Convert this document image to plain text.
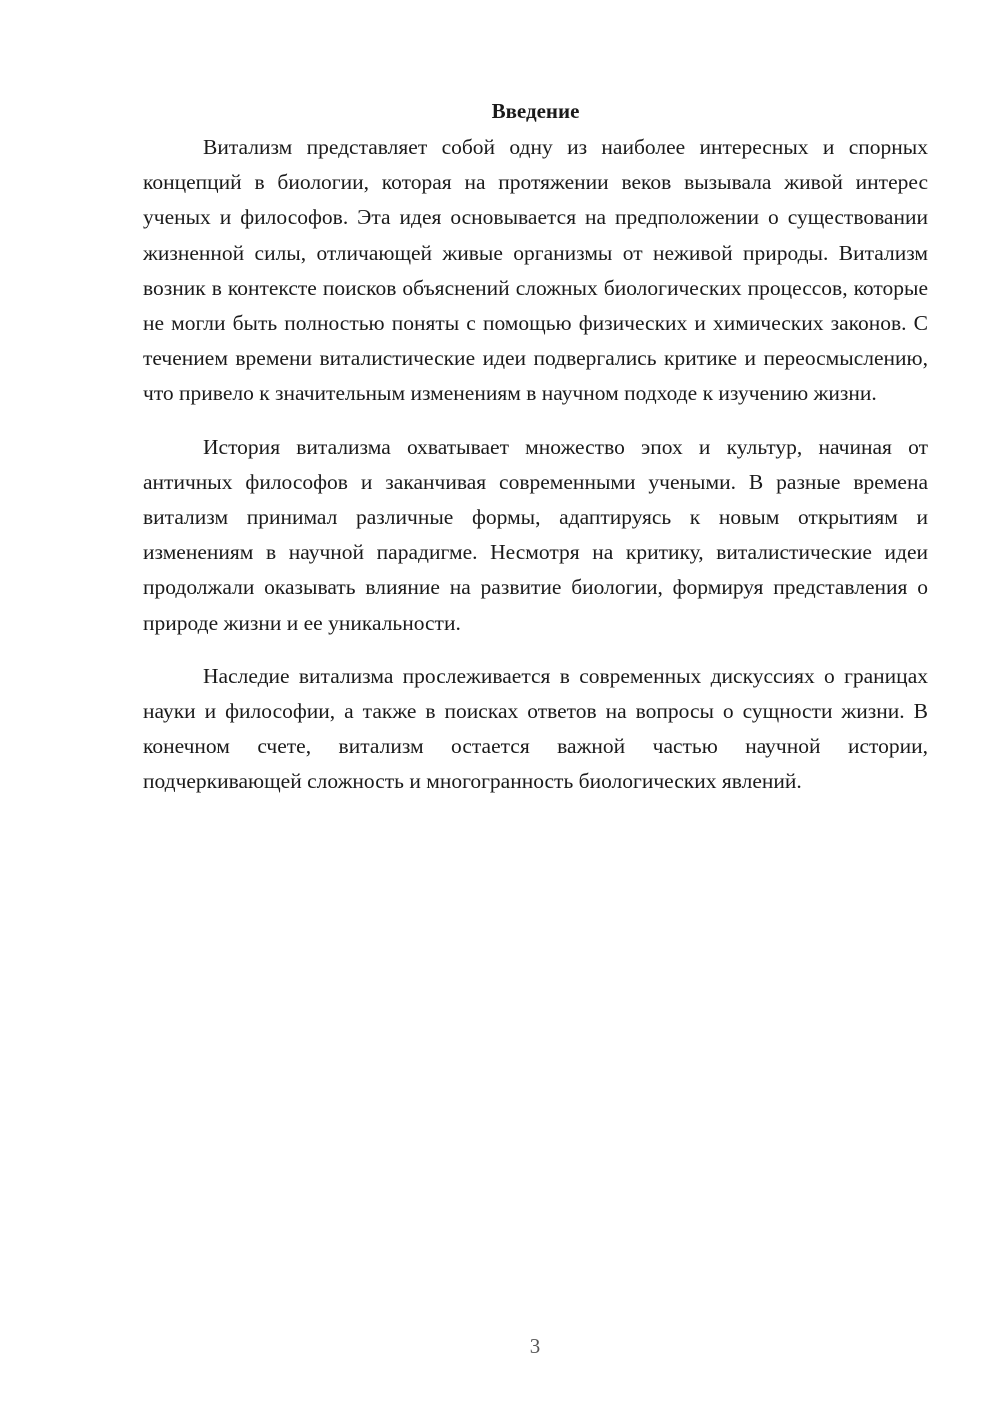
Введение

Витализм представляет собой одну из наиболее интересных и спорных концепций в биологии, которая на протяжении веков вызывала живой интерес ученых и философов. Эта идея основывается на предположении о существовании жизненной силы, отличающей живые организмы от неживой природы. Витализм возник в контексте поисков объяснений сложных биологических процессов, которые не могли быть полностью поняты с помощью физических и химических законов. С течением времени виталистические идеи подвергались критике и переосмыслению, что привело к значительным изменениям в научном подходе к изучению жизни.

История витализма охватывает множество эпох и культур, начиная от античных философов и заканчивая современными учеными. В разные времена витализм принимал различные формы, адаптируясь к новым открытиям и изменениям в научной парадигме. Несмотря на критику, виталистические идеи продолжали оказывать влияние на развитие биологии, формируя представления о природе жизни и ее уникальности.

Наследие витализма прослеживается в современных дискуссиях о границах науки и философии, а также в поисках ответов на вопросы о сущности жизни. В конечном счете, витализм остается важной частью научной истории, подчеркивающей сложность и многогранность биологических явлений.

3
